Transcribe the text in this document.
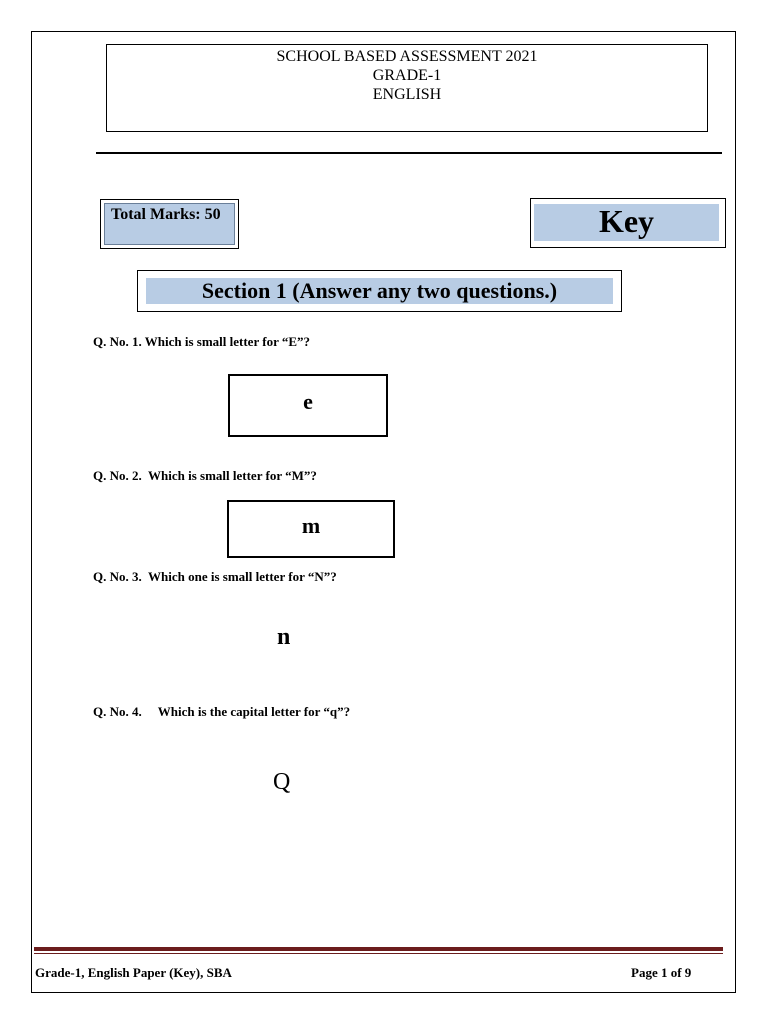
SCHOOL BASED ASSESSMENT 2021
GRADE-1
ENGLISH
Total Marks: 50	Key
Section 1 (Answer any two questions.)
Q. No. 1. Which is small letter for “E”?
e
Q. No. 2.  Which is small letter for “M”?
m
Q. No. 3.  Which one is small letter for “N”?
n
Q. No. 4.     Which is the capital letter for “q”?
Q
Grade-1, English Paper (Key), SBA	Page 1 of 9
